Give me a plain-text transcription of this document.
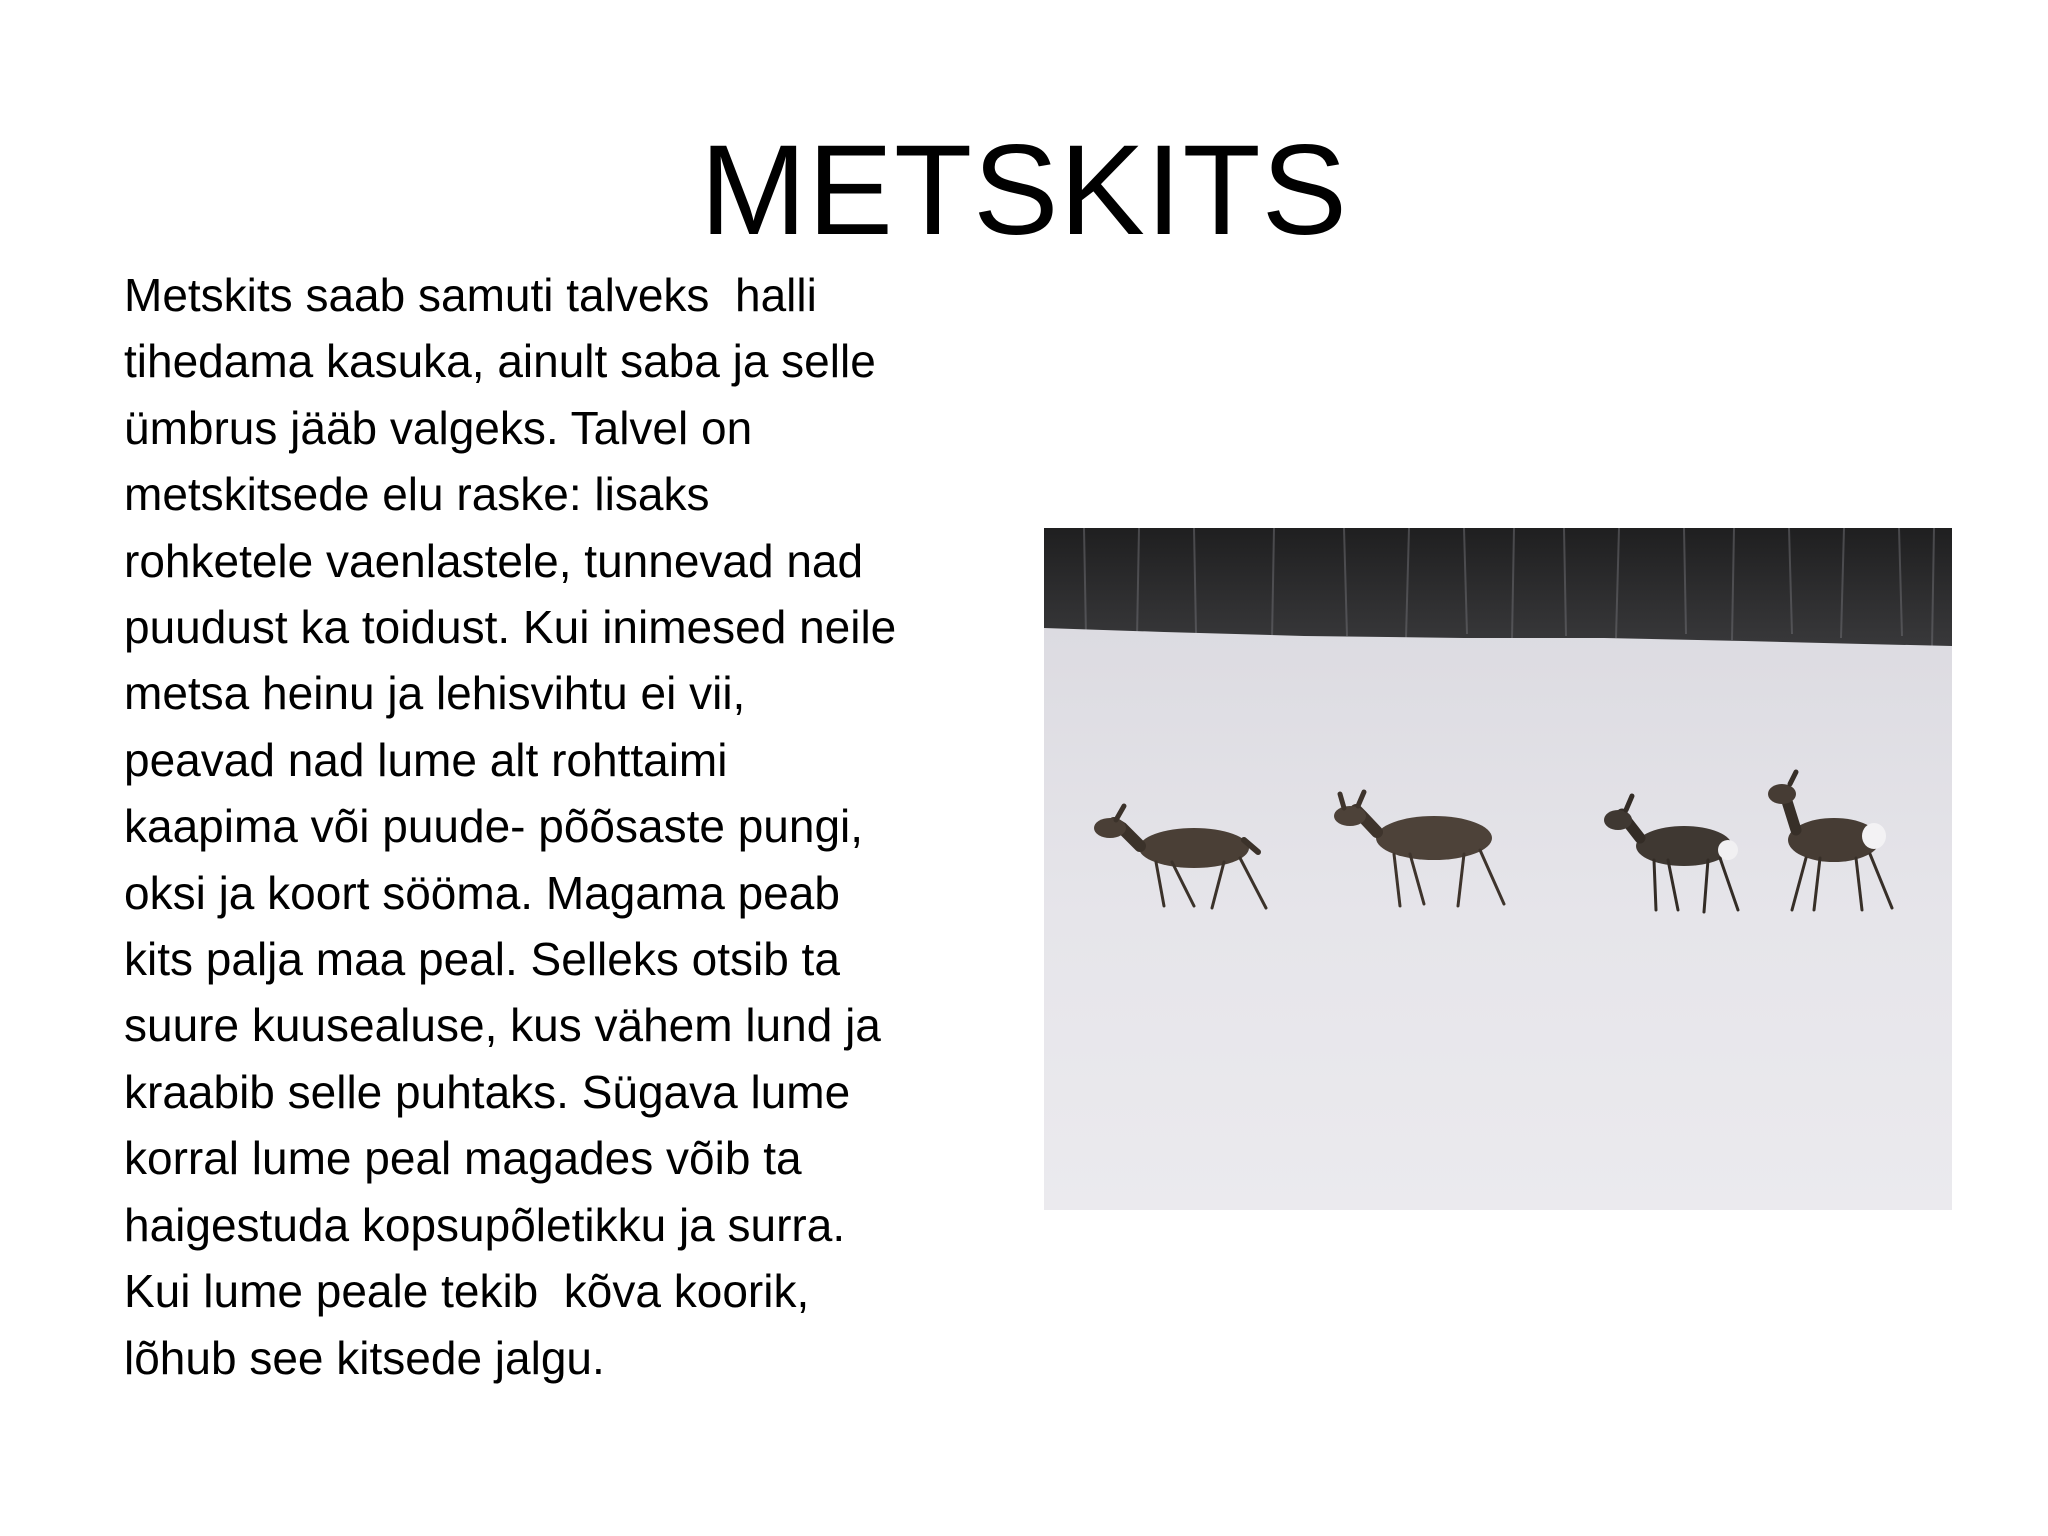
METSKITS
Metskits saab samuti talveks  halli
tihedama kasuka, ainult saba ja selle
ümbrus jääb valgeks. Talvel on
metskitsede elu raske: lisaks
rohketele vaenlastele, tunnevad nad
puudust ka toidust. Kui inimesed neile
metsa heinu ja lehisvihtu ei vii,
peavad nad lume alt rohttaimi
kaapima või puude- põõsaste pungi,
oksi ja koort sööma. Magama peab
kits palja maa peal. Selleks otsib ta
suure kuusealuse, kus vähem lund ja
kraabib selle puhtaks. Sügava lume
korral lume peal magades võib ta
haigestuda kopsupõletikku ja surra.
Kui lume peale tekib  kõva koorik,
lõhub see kitsede jalgu.
